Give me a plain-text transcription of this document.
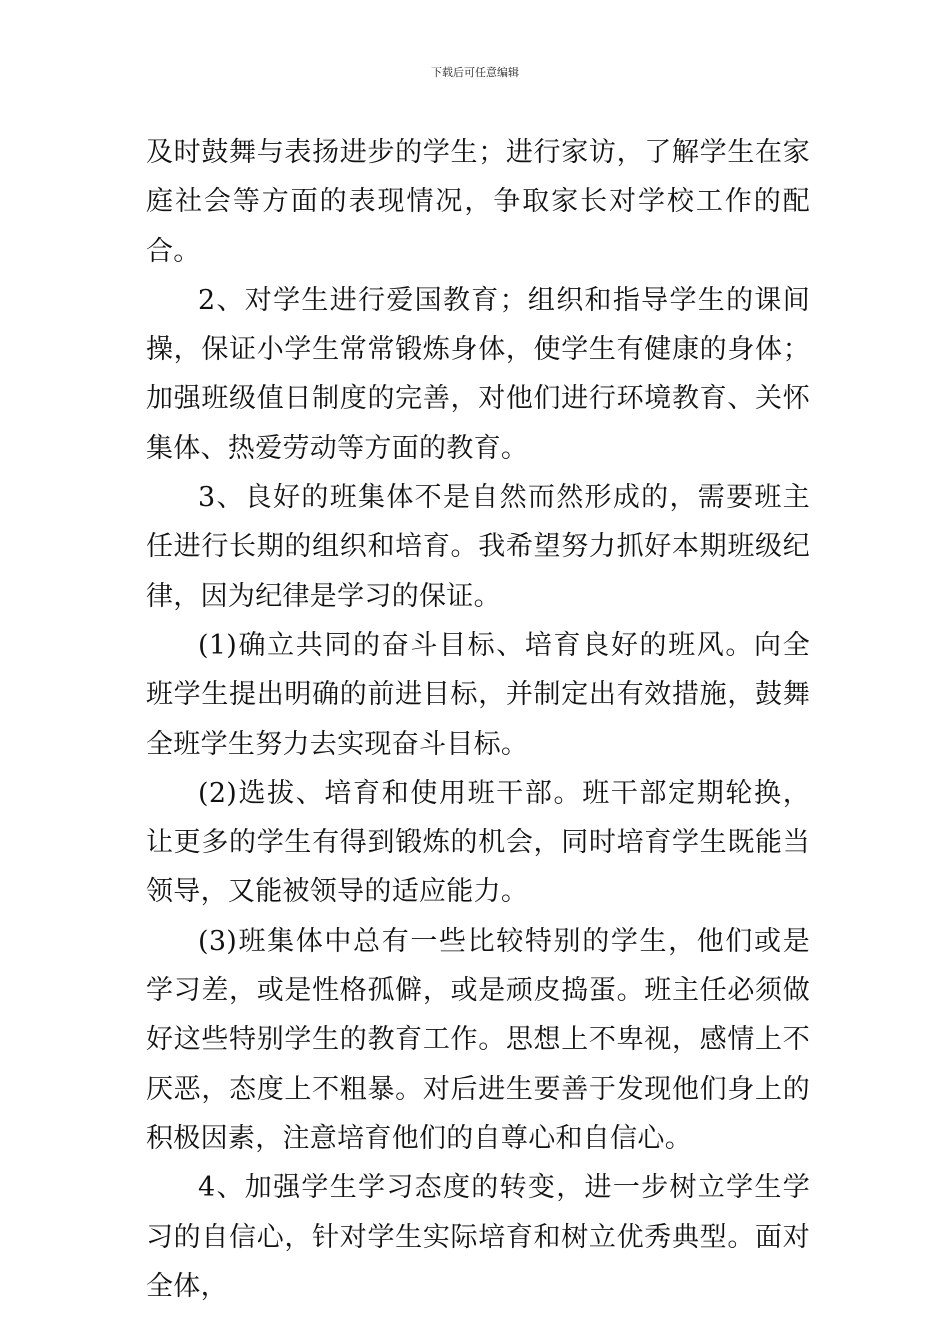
下载后可任意编辑

及时鼓舞与表扬进步的学生；进行家访，了解学生在家庭社会等方面的表现情况，争取家长对学校工作的配合。

2、对学生进行爱国教育；组织和指导学生的课间操，保证小学生常常锻炼身体，使学生有健康的身体；加强班级值日制度的完善，对他们进行环境教育、关怀集体、热爱劳动等方面的教育。

3、良好的班集体不是自然而然形成的，需要班主任进行长期的组织和培育。我希望努力抓好本期班级纪律，因为纪律是学习的保证。

(1)确立共同的奋斗目标、培育良好的班风。向全班学生提出明确的前进目标，并制定出有效措施，鼓舞全班学生努力去实现奋斗目标。

(2)选拔、培育和使用班干部。班干部定期轮换，让更多的学生有得到锻炼的机会，同时培育学生既能当领导，又能被领导的适应能力。

(3)班集体中总有一些比较特别的学生，他们或是学习差，或是性格孤僻，或是顽皮捣蛋。班主任必须做好这些特别学生的教育工作。思想上不卑视，感情上不厌恶，态度上不粗暴。对后进生要善于发现他们身上的积极因素，注意培育他们的自尊心和自信心。

4、加强学生学习态度的转变，进一步树立学生学习的自信心，针对学生实际培育和树立优秀典型。面对全体，
